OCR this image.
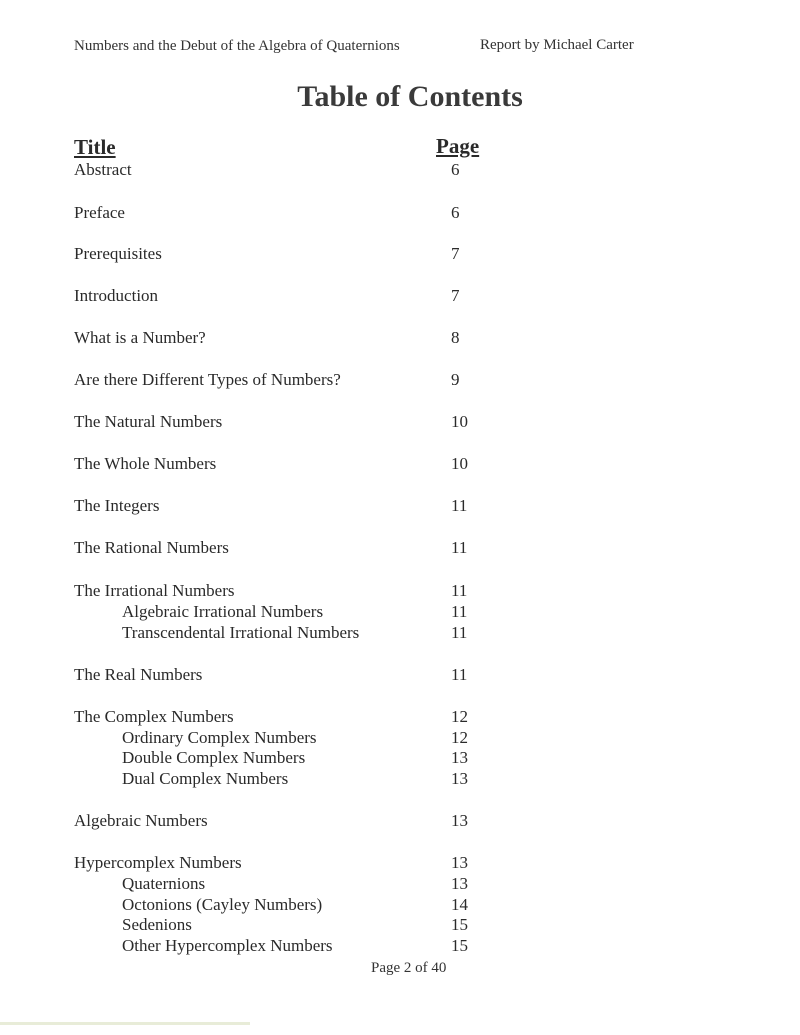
Numbers and the Debut of the Algebra of Quaternions	Report by Michael Carter
Table of Contents
Title	Page
Abstract	6
Preface	6
Prerequisites	7
Introduction	7
What is a Number?	8
Are there Different Types of Numbers?	9
The Natural Numbers	10
The Whole Numbers	10
The Integers	11
The Rational Numbers	11
The Irrational Numbers	11
Algebraic Irrational Numbers	11
Transcendental Irrational Numbers	11
The Real Numbers	11
The Complex Numbers	12
Ordinary Complex Numbers	12
Double Complex Numbers	13
Dual Complex Numbers	13
Algebraic Numbers	13
Hypercomplex Numbers	13
Quaternions	13
Octonions (Cayley Numbers)	14
Sedenions	15
Other Hypercomplex Numbers	15
Page 2 of 40
